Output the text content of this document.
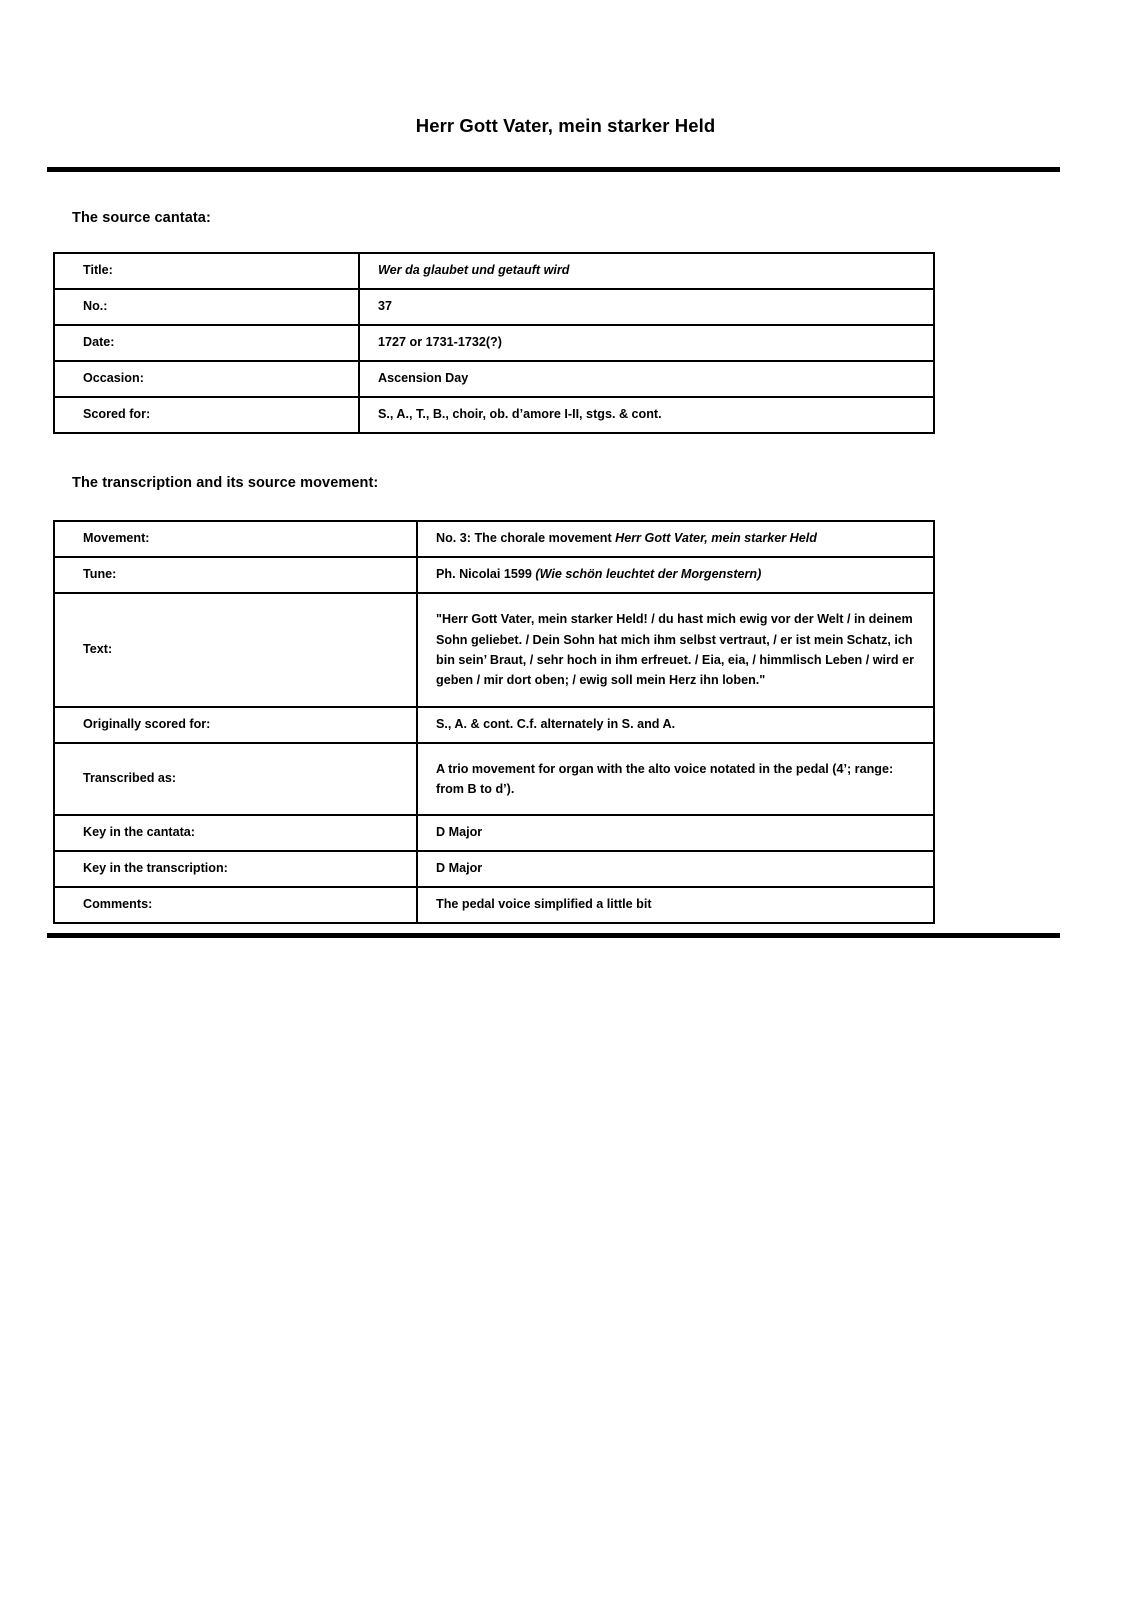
Herr Gott Vater, mein starker Held
The source cantata:
Title:	Wer da glaubet und getauft wird
No.:	37
Date:	1727 or 1731-1732(?)
Occasion:	Ascension Day
Scored for:	S., A., T., B., choir, ob. d’amore I-II, stgs. & cont.
The transcription and its source movement:
Movement:	No. 3: The chorale movement Herr Gott Vater, mein starker Held
Tune:	Ph. Nicolai 1599 (Wie schön leuchtet der Morgenstern)
Text:	"Herr Gott Vater, mein starker Held! / du hast mich ewig vor der Welt / in deinem Sohn geliebet. / Dein Sohn hat mich ihm selbst vertraut, / er ist mein Schatz, ich bin sein’ Braut, / sehr hoch in ihm erfreuet. / Eia, eia, / himmlisch Leben / wird er geben / mir dort oben; / ewig soll mein Herz ihn loben."
Originally scored for:	S., A. & cont. C.f. alternately in S. and A.
Transcribed as:	A trio movement for organ with the alto voice notated in the pedal (4’; range: from B to d’).
Key in the cantata:	D Major
Key in the transcription:	D Major
Comments:	The pedal voice simplified a little bit
